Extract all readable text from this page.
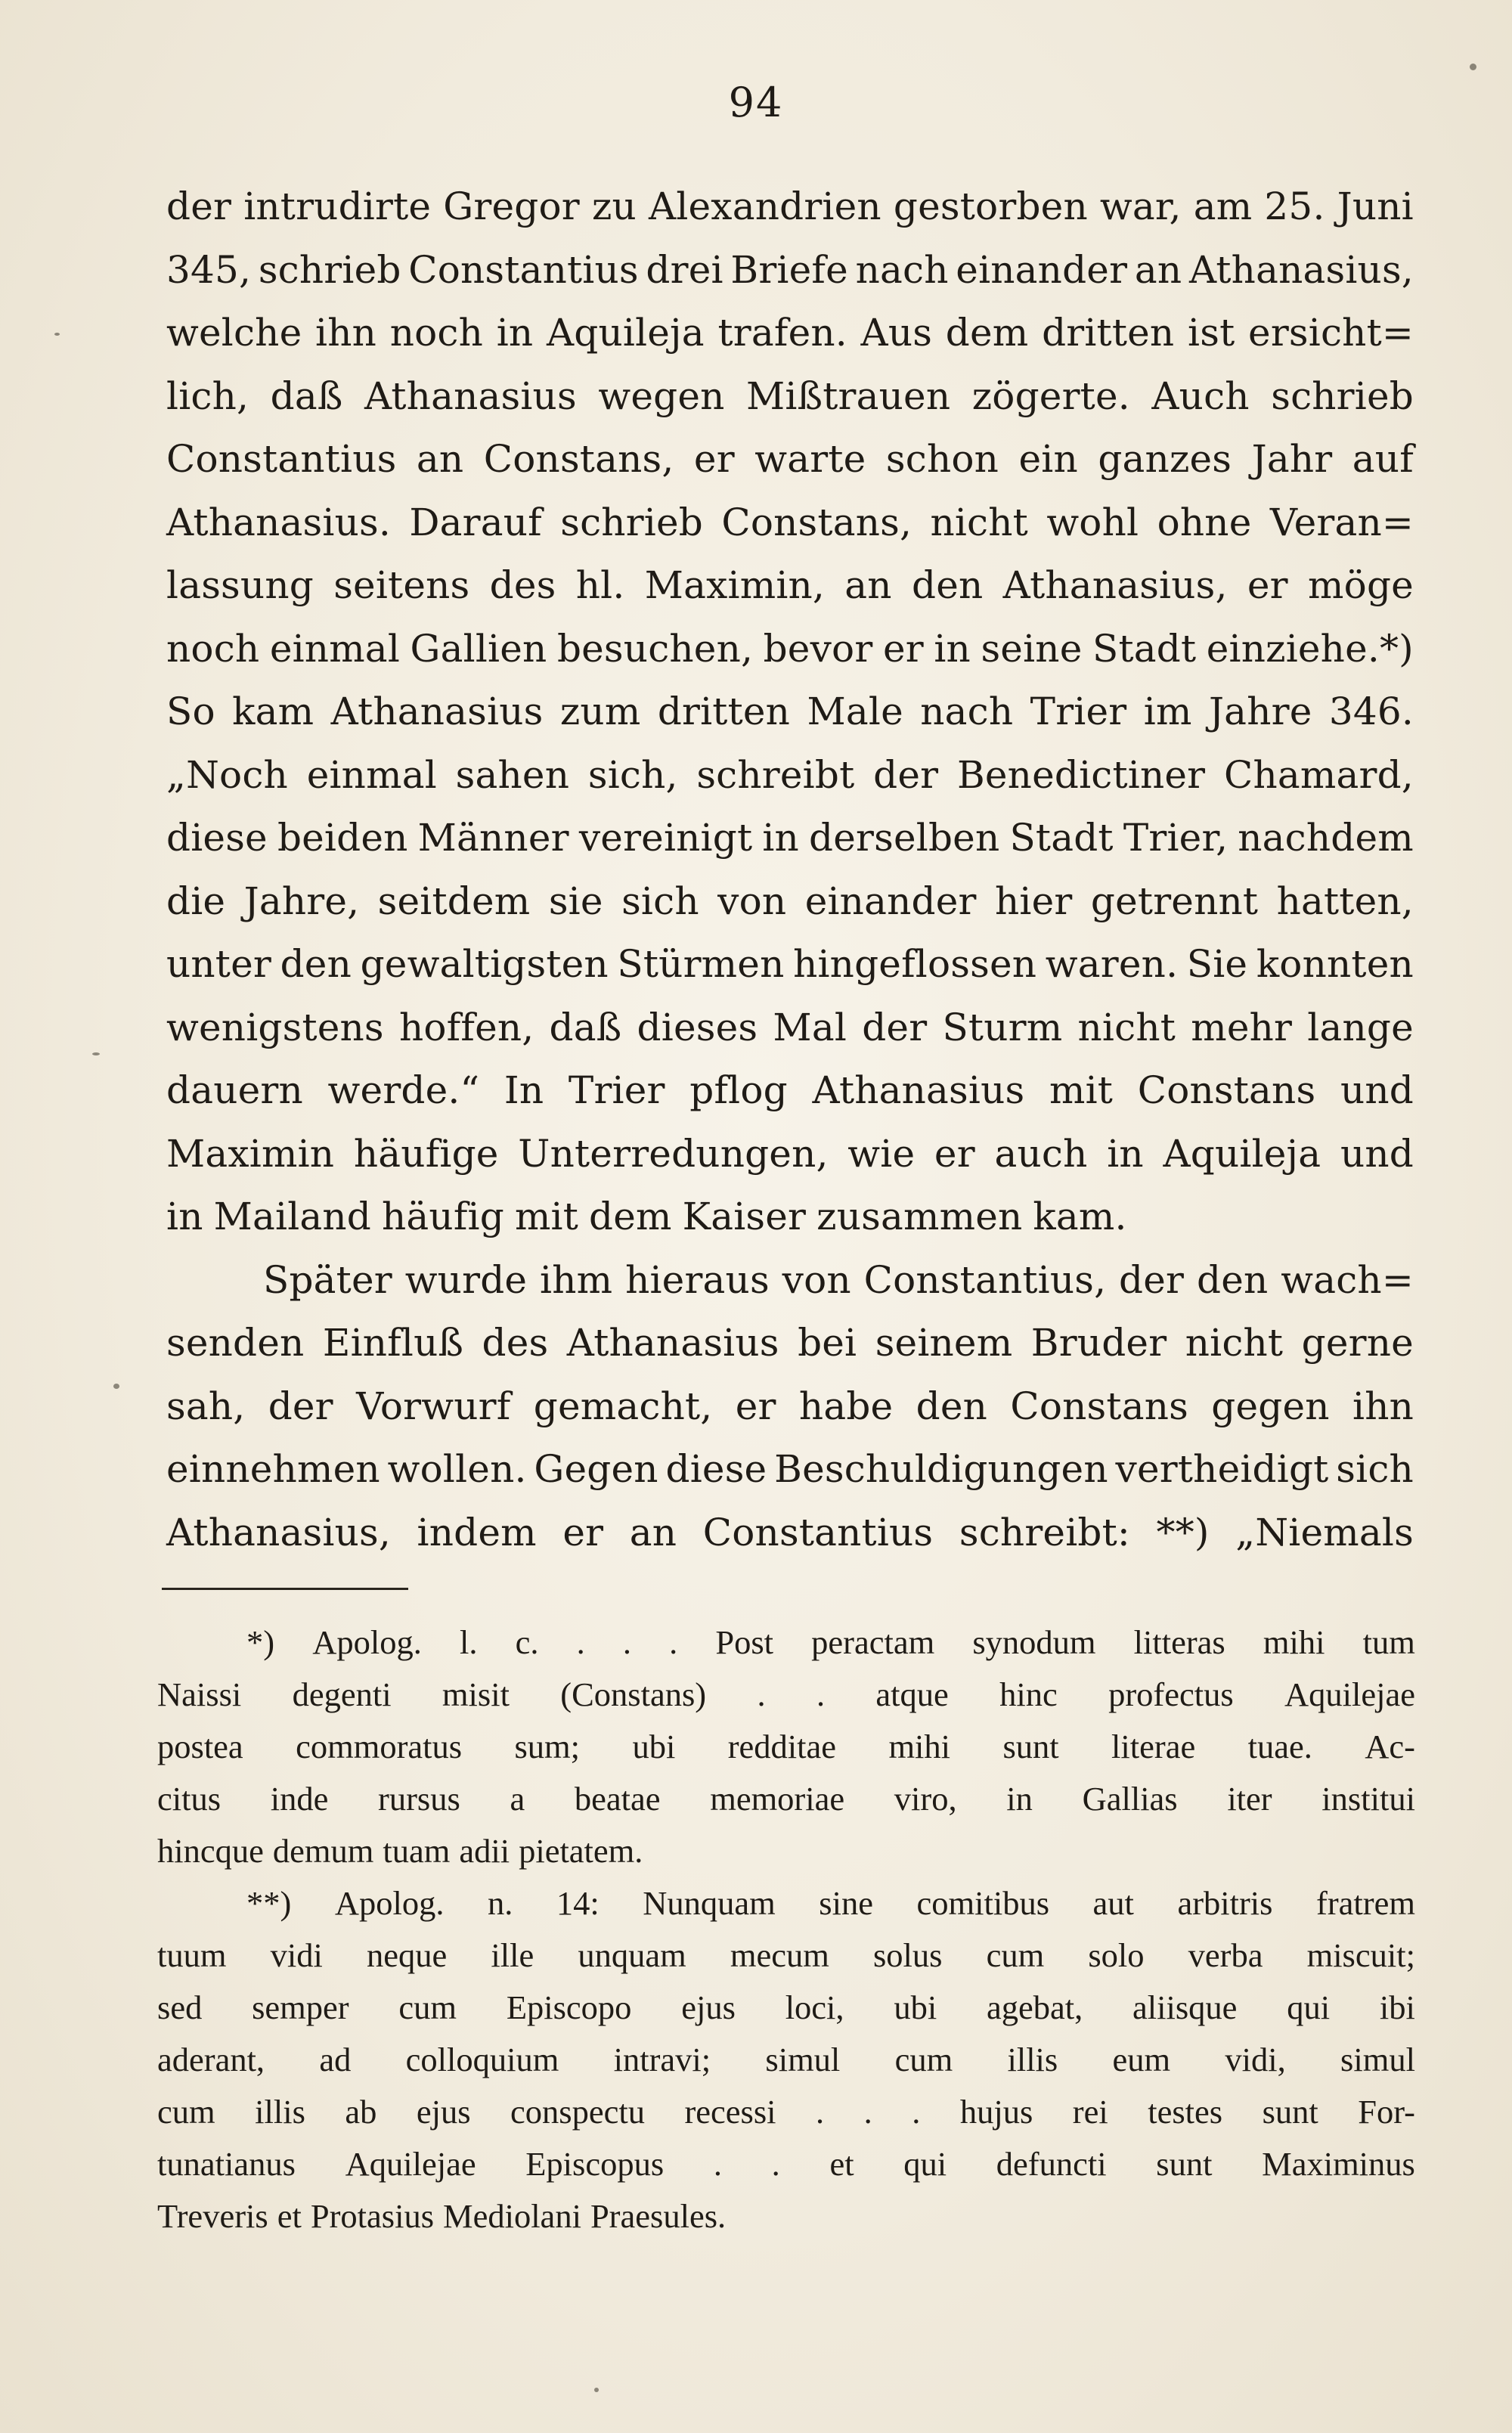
94
der intrudirte Gregor zu Alexandrien gestorben war, am 25. Juni
345, schrieb Constantius drei Briefe nach einander an Athanasius,
welche ihn noch in Aquileja trafen. Aus dem dritten ist ersicht=
lich, daß Athanasius wegen Mißtrauen zögerte. Auch schrieb
Constantius an Constans, er warte schon ein ganzes Jahr auf
Athanasius. Darauf schrieb Constans, nicht wohl ohne Veran=
lassung seitens des hl. Maximin, an den Athanasius, er möge
noch einmal Gallien besuchen, bevor er in seine Stadt einziehe.*)
So kam Athanasius zum dritten Male nach Trier im Jahre 346.
„Noch einmal sahen sich, schreibt der Benedictiner Chamard,
diese beiden Männer vereinigt in derselben Stadt Trier, nachdem
die Jahre, seitdem sie sich von einander hier getrennt hatten,
unter den gewaltigsten Stürmen hingeflossen waren. Sie konnten
wenigstens hoffen, daß dieses Mal der Sturm nicht mehr lange
dauern werde.“ In Trier pflog Athanasius mit Constans und
Maximin häufige Unterredungen, wie er auch in Aquileja und
in Mailand häufig mit dem Kaiser zusammen kam.
Später wurde ihm hieraus von Constantius, der den wach=
senden Einfluß des Athanasius bei seinem Bruder nicht gerne
sah, der Vorwurf gemacht, er habe den Constans gegen ihn
einnehmen wollen. Gegen diese Beschuldigungen vertheidigt sich
Athanasius, indem er an Constantius schreibt: **) „Niemals
*) Apolog. l. c. . . . Post peractam synodum litteras mihi tum
Naissi degenti misit (Constans) . . atque hinc profectus Aquilejae
postea commoratus sum; ubi redditae mihi sunt literae tuae. Ac-
citus inde rursus a beatae memoriae viro, in Gallias iter institui
hincque demum tuam adii pietatem.
**) Apolog. n. 14: Nunquam sine comitibus aut arbitris fratrem
tuum vidi neque ille unquam mecum solus cum solo verba miscuit;
sed semper cum Episcopo ejus loci, ubi agebat, aliisque qui ibi
aderant, ad colloquium intravi; simul cum illis eum vidi, simul
cum illis ab ejus conspectu recessi . . . hujus rei testes sunt For-
tunatianus Aquilejae Episcopus . . et qui defuncti sunt Maximinus
Treveris et Protasius Mediolani Praesules.
